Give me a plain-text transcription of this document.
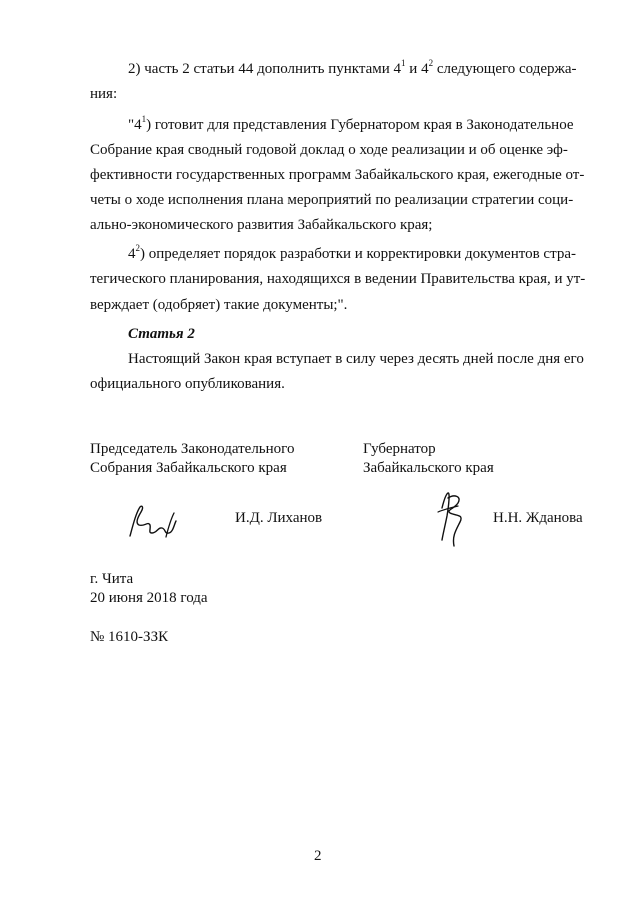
2) часть 2 статьи 44 дополнить пунктами $4^1$ и $4^2$ следующего содержа-
ния:
"$4^1$) готовит для представления Губернатором края в Законодательное
Собрание края сводный годовой доклад о ходе реализации и об оценке эф-
фективности государственных программ Забайкальского края, ежегодные от-
четы о ходе исполнения плана мероприятий по реализации стратегии соци-
ально-экономического развития Забайкальского края;
$4^2$) определяет порядок разработки и корректировки документов стра-
тегического планирования, находящихся в ведении Правительства края, и ут-
верждает (одобряет) такие документы;".
Статья 2
Настоящий Закон края вступает в силу через десять дней после дня его
официального опубликования.
Председатель Законодательного
Собрания Забайкальского края
Губернатор
Забайкальского края
И.Д. Лиханов	Н.Н. Жданова
г. Чита
20 июня 2018 года
№ 1610-ЗЗК
2
